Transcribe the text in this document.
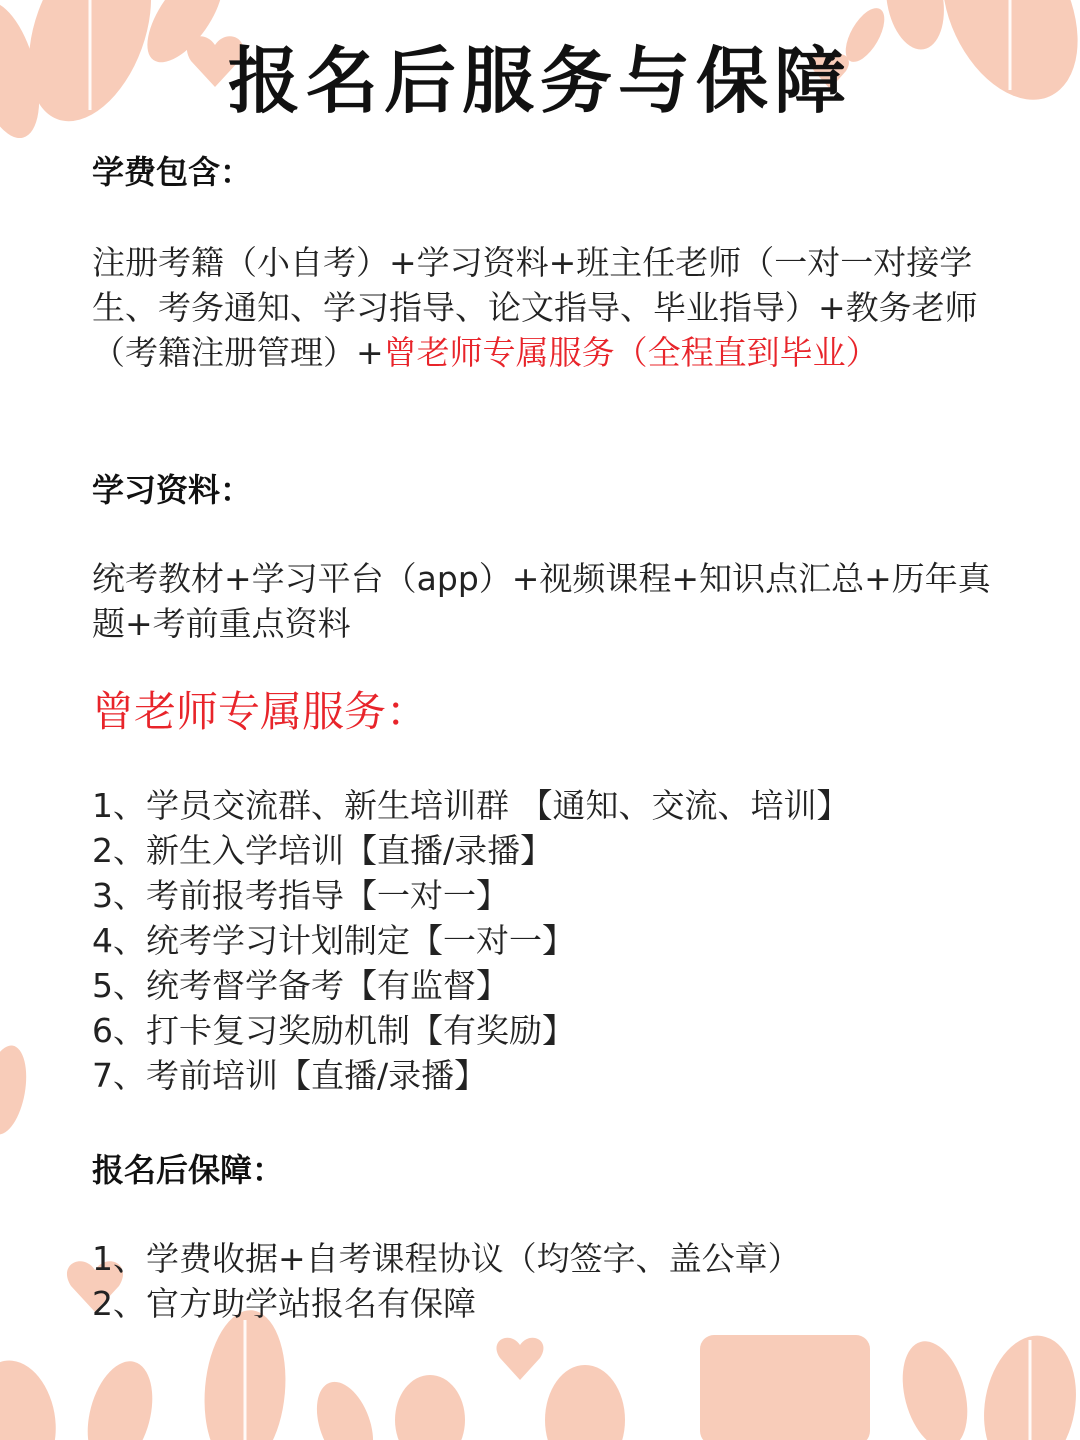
报名后服务与保障
学费包含：

注册考籍（小自考）+学习资料+班主任老师（一对一对接学生、考务通知、学习指导、论文指导、毕业指导）+教务老师（考籍注册管理）+曾老师专属服务（全程直到毕业）

学习资料：

统考教材+学习平台（app）+视频课程+知识点汇总+历年真题+考前重点资料

曾老师专属服务：
1、学员交流群、新生培训群 【通知、交流、培训】
2、新生入学培训【直播/录播】
3、考前报考指导【一对一】
4、统考学习计划制定【一对一】
5、统考督学备考【有监督】
6、打卡复习奖励机制【有奖励】
7、考前培训【直播/录播】
报名后保障：
1、学费收据+自考课程协议（均签字、盖公章）
2、官方助学站报名有保障
